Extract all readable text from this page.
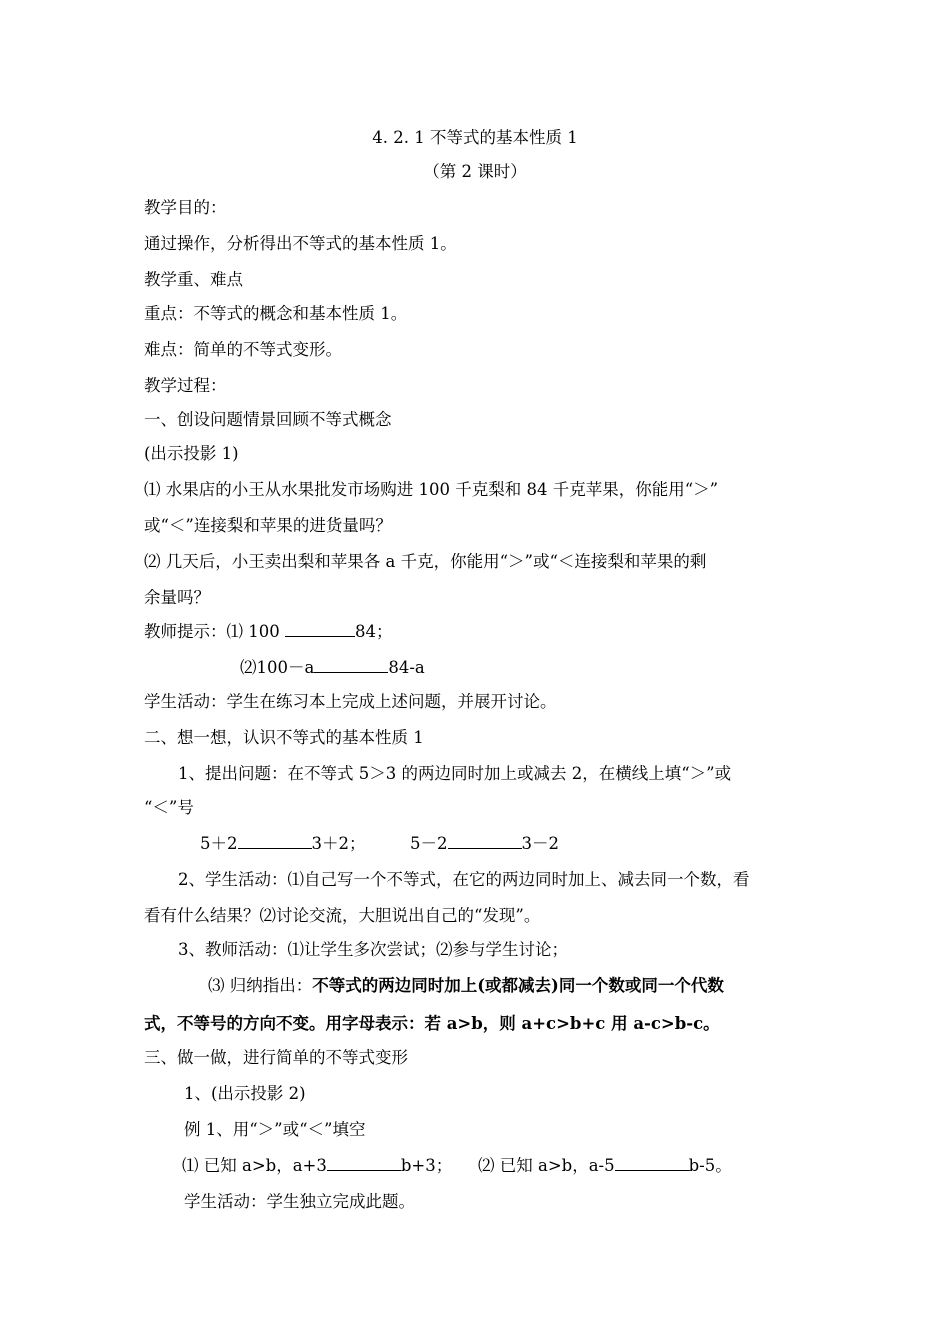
4. 2. 1 不等式的基本性质 1
（第 2 课时）
教学目的：
通过操作，分析得出不等式的基本性质 1。
教学重、难点
重点：不等式的概念和基本性质 1。
难点：简单的不等式变形。
教学过程：
一、创设问题情景回顾不等式概念
(出示投影 1)
⑴ 水果店的小王从水果批发市场购进 100 千克梨和 84 千克苹果，你能用“＞”
或“＜”连接梨和苹果的进货量吗？
⑵ 几天后，小王卖出梨和苹果各 a 千克，你能用“＞”或“＜连接梨和苹果的剩
余量吗？
教师提示：⑴ 100	84；
⑵100－a	84-a
学生活动：学生在练习本上完成上述问题，并展开讨论。
二、想一想，认识不等式的基本性质 1
1、提出问题：在不等式 5＞3 的两边同时加上或减去 2，在横线上填“＞”或
“＜”号
5＋2	3＋2；	5－2	3－2
2、学生活动：⑴自己写一个不等式，在它的两边同时加上、减去同一个数，看
看有什么结果？⑵讨论交流，大胆说出自己的“发现”。
3、教师活动：⑴让学生多次尝试；⑵参与学生讨论；
⑶ 归纳指出：不等式的两边同时加上(或都减去)同一个数或同一个代数
式，不等号的方向不变。用字母表示：若 a>b，则 a+c>b+c 用 a-c>b-c。
三、做一做，进行简单的不等式变形
1、(出示投影 2)
例 1、用“＞”或“＜”填空
⑴ 已知 a>b，a+3	b+3；	⑵ 已知 a>b，a-5	b-5。
学生活动：学生独立完成此题。
